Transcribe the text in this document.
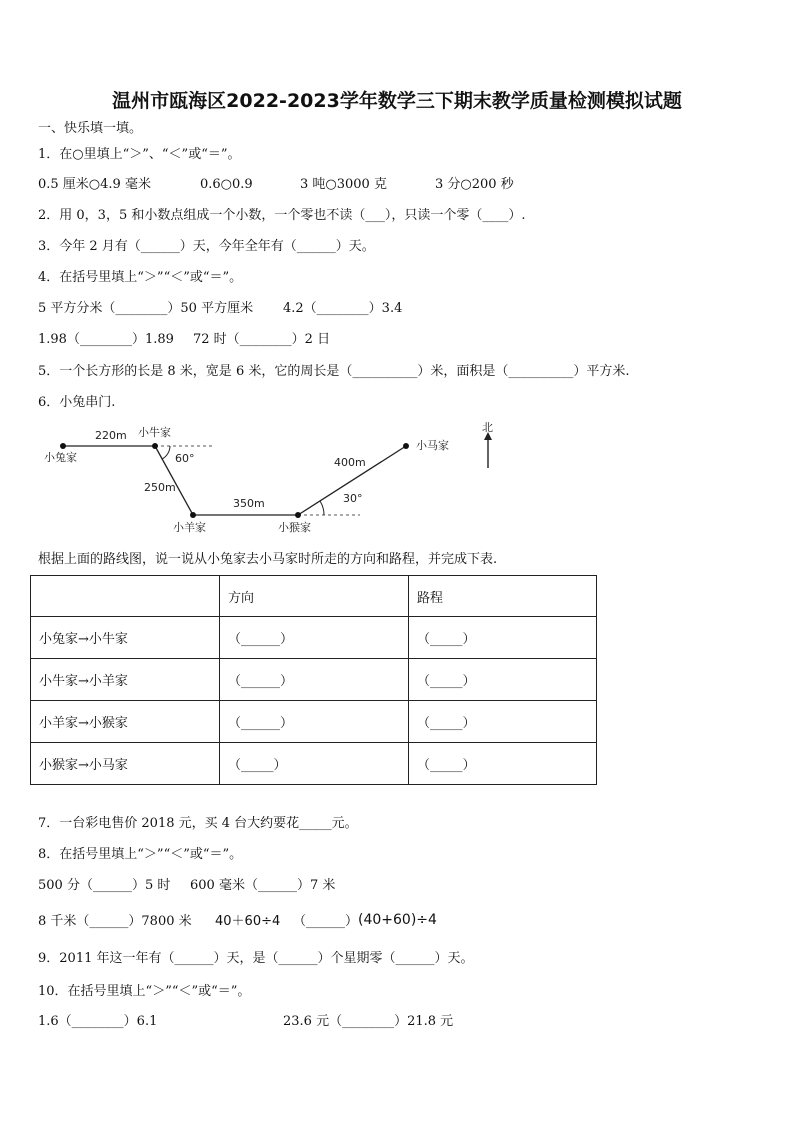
温州市瓯海区2022-2023学年数学三下期末教学质量检测模拟试题
一、快乐填一填。
1．在○里填上“＞”、“＜”或“＝”。
0.5 厘米○4.9 毫米	0.6○0.9	3 吨○3000 克	3 分○200 秒
2．用 0，3，5 和小数点组成一个小数，一个零也不读（___），只读一个零（____）.
3．今年 2 月有（______）天，今年全年有（______）天。
4．在括号里填上“＞”“＜”或“＝”。
5 平方分米（________）50 平方厘米 4.2（________）3.4
1.98（________）1.89 72 时（________）2 日
5．一个长方形的长是 8 米，宽是 6 米，它的周长是（__________）米，面积是（__________）平方米.
6．小兔串门.
小兔家
小牛家
小羊家	小猴家
小马家
北
220m
250m
350m
400m
60°
30°
根据上面的路线图，说一说从小兔家去小马家时所走的方向和路程，并完成下表.
	方向	路程
小兔家→小牛家	（______）	（_____）
小牛家→小羊家	（______）	（_____）
小羊家→小猴家	（______）	（_____）
小猴家→小马家	（_____）	（_____）
7．一台彩电售价 2018 元，买 4 台大约要花_____元。
8．在括号里填上“＞”“＜”或“＝”。
500 分（______）5 时 600 毫米（______）7 米
8 千米（______）7800 米 40＋60÷4 （______） (40+60)÷4
9．2011 年这一年有（______）天，是（______）个星期零（______）天。
10．在括号里填上“＞”“＜”或“＝”。
1.6（________）6.1	23.6 元（________）21.8 元
